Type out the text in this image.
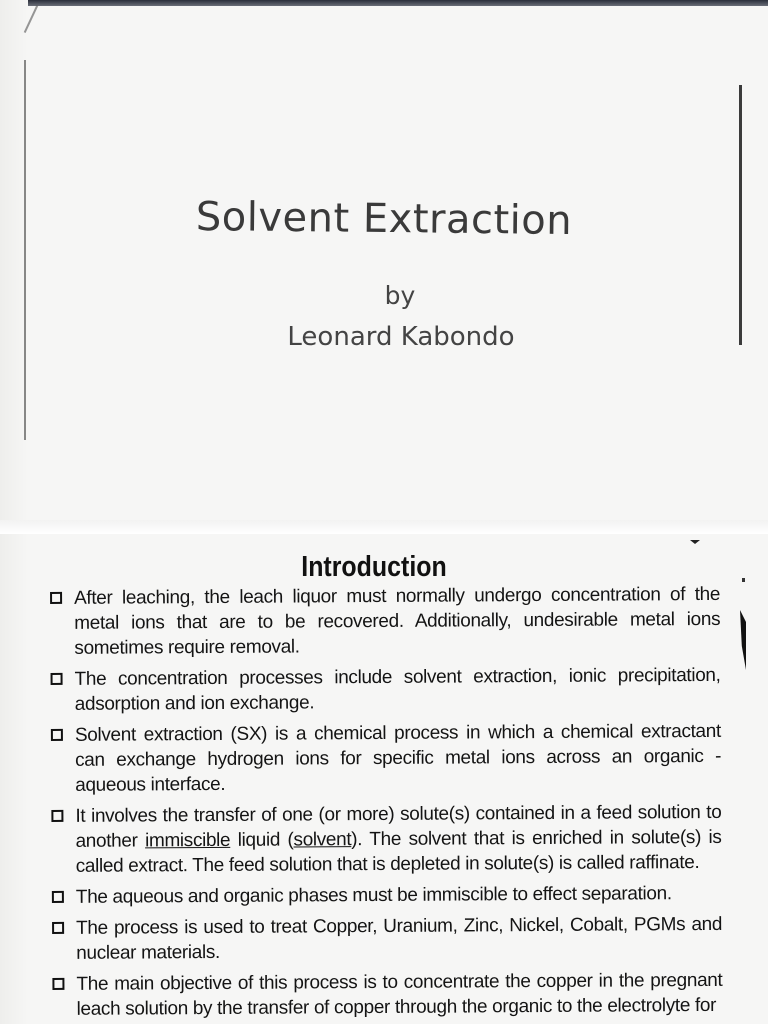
Solvent Extraction
by
Leonard Kabondo
Introduction
After leaching, the leach liquor must normally undergo concentration of the metal ions that are to be recovered. Additionally, undesirable metal ions sometimes require removal.
The concentration processes include solvent extraction, ionic precipitation, adsorption and ion exchange.
Solvent extraction (SX) is a chemical process in which a chemical extractant can exchange hydrogen ions for specific metal ions across an organic - aqueous interface.
It involves the transfer of one (or more) solute(s) contained in a feed solution to another immiscible liquid (solvent). The solvent that is enriched in solute(s) is called extract. The feed solution that is depleted in solute(s) is called raffinate.
The aqueous and organic phases must be immiscible to effect separation.
The process is used to treat Copper, Uranium, Zinc, Nickel, Cobalt, PGMs and nuclear materials.
The main objective of this process is to concentrate the copper in the pregnant leach solution by the transfer of copper through the organic to the electrolyte for
